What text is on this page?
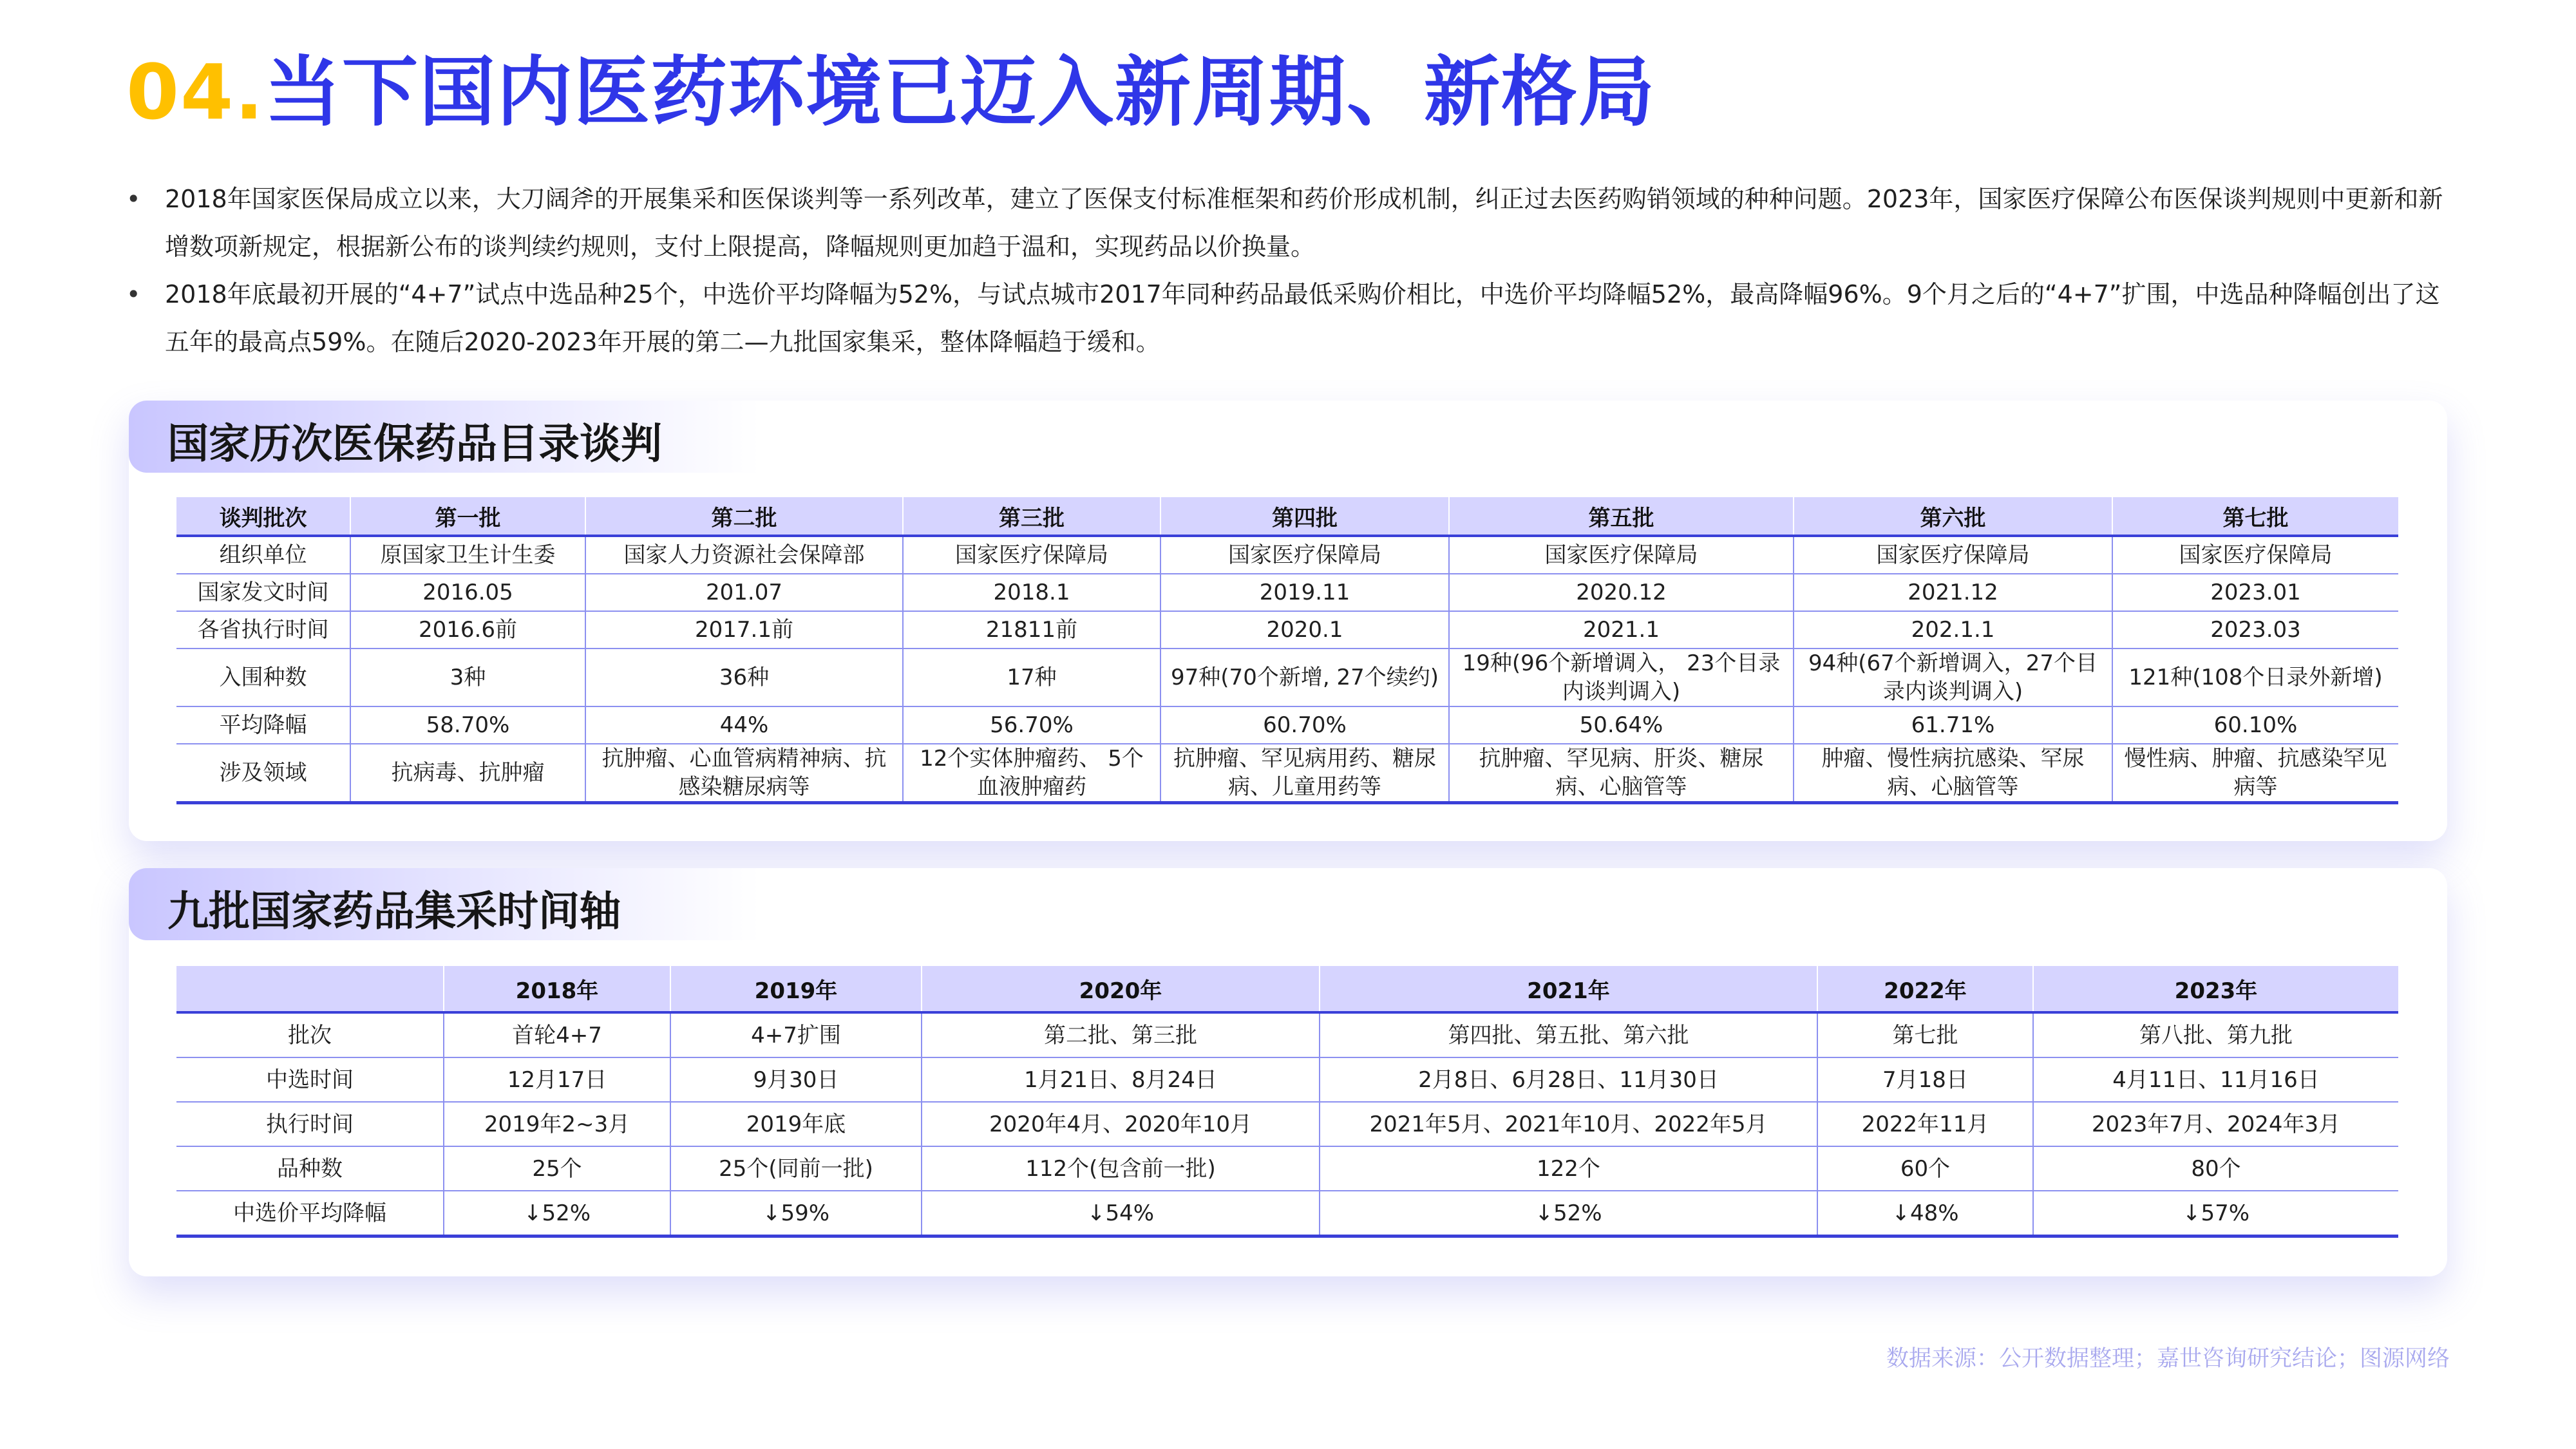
04.当下国内医药环境已迈入新周期、新格局
• 2018年国家医保局成立以来，大刀阔斧的开展集采和医保谈判等一系列改革，建立了医保支付标准框架和药价形成机制，纠正过去医药购销领域的种种问题。2023年，国家医疗保障公布医保谈判规则中更新和新增数项新规定，根据新公布的谈判续约规则，支付上限提高，降幅规则更加趋于温和，实现药品以价换量。
• 2018年底最初开展的“4+7”试点中选品种25个，中选价平均降幅为52%，与试点城市2017年同种药品最低采购价相比，中选价平均降幅52%，最高降幅96%。9个月之后的“4+7”扩围，中选品种降幅创出了这五年的最高点59%。在随后2020-2023年开展的第二—九批国家集采，整体降幅趋于缓和。
国家历次医保药品目录谈判
谈判批次	第一批	第二批	第三批	第四批	第五批	第六批	第七批
组织单位	原国家卫生计生委	国家人力资源社会保障部	国家医疗保障局	国家医疗保障局	国家医疗保障局	国家医疗保障局	国家医疗保障局
国家发文时间	2016.05	201.07	2018.1	2019.11	2020.12	2021.12	2023.01
各省执行时间	2016.6前	2017.1前	21811前	2020.1	2021.1	202.1.1	2023.03
入围种数	3种	36种	17种	97种(70个新增, 27个续约)	19种(96个新增调入， 23个目录内谈判调入)	94种(67个新增调入，27个目录内谈判调入)	121种(108个日录外新增)
平均降幅	58.70%	44%	56.70%	60.70%	50.64%	61.71%	60.10%
涉及领域	抗病毒、抗肿瘤	抗肿瘤、心血管病精神病、抗感染糖尿病等	12个实体肿瘤药、 5个血液肿瘤药	抗肿瘤、罕见病用药、糖尿病、儿童用药等	抗肿瘤、罕见病、肝炎、糖尿病、心脑管等	肿瘤、慢性病抗感染、罕尿病、心脑管等	慢性病、肿瘤、抗感染罕见病等
九批国家药品集采时间轴
	2018年	2019年	2020年	2021年	2022年	2023年
批次	首轮4+7	4+7扩围	第二批、第三批	第四批、第五批、第六批	第七批	第八批、第九批
中选时间	12月17日	9月30日	1月21日、8月24日	2月8日、6月28日、11月30日	7月18日	4月11日、11月16日
执行时间	2019年2~3月	2019年底	2020年4月、2020年10月	2021年5月、2021年10月、2022年5月	2022年11月	2023年7月、2024年3月
品种数	25个	25个(同前一批)	112个(包含前一批)	122个	60个	80个
中选价平均降幅	↓52%	↓59%	↓54%	↓52%	↓48%	↓57%
数据来源：公开数据整理；嘉世咨询研究结论；图源网络
